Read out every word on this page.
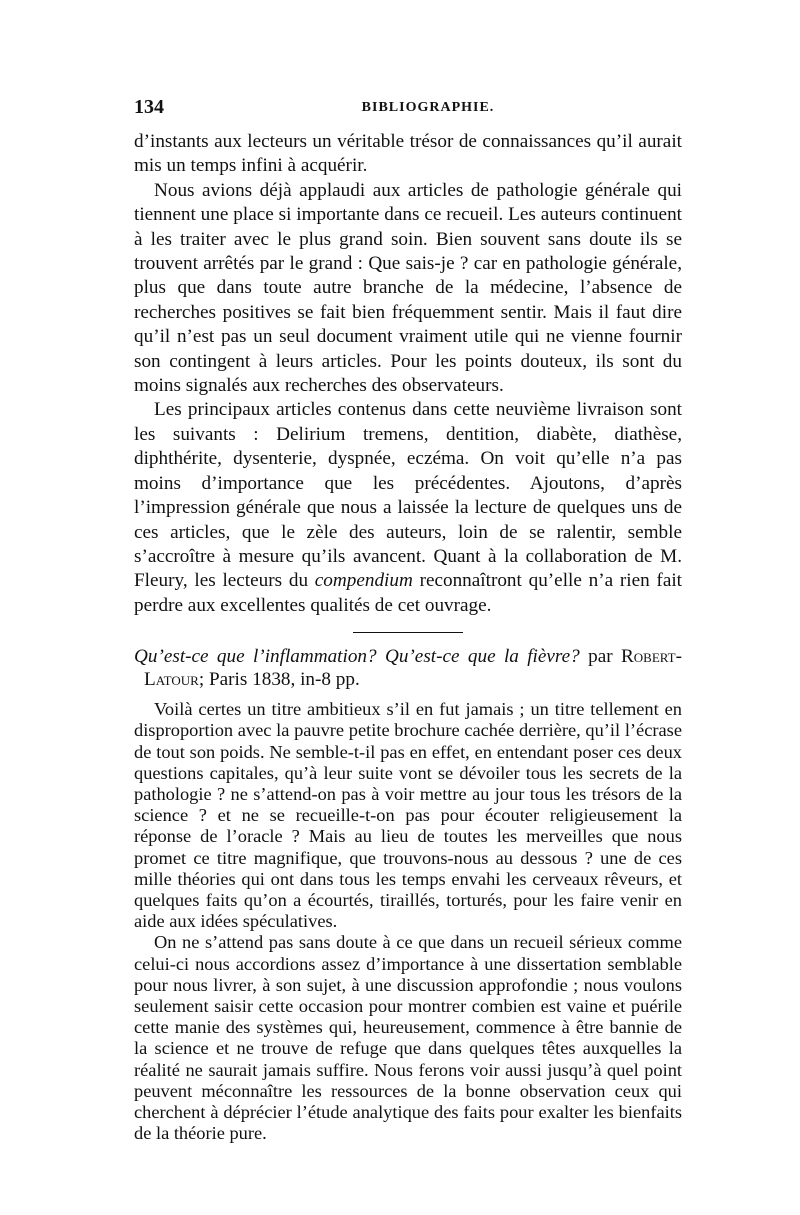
134	BIBLIOGRAPHIE.

d’instants aux lecteurs un véritable trésor de connaissances qu’il aurait mis un temps infini à acquérir.

Nous avions déjà applaudi aux articles de pathologie générale qui tiennent une place si importante dans ce recueil. Les auteurs continuent à les traiter avec le plus grand soin. Bien souvent sans doute ils se trouvent arrêtés par le grand : Que sais-je ? car en pathologie générale, plus que dans toute autre branche de la médecine, l’absence de recherches positives se fait bien fréquemment sentir. Mais il faut dire qu’il n’est pas un seul document vraiment utile qui ne vienne fournir son contingent à leurs articles. Pour les points douteux, ils sont du moins signalés aux recherches des observateurs.

Les principaux articles contenus dans cette neuvième livraison sont les suivants : Delirium tremens, dentition, diabète, diathèse, diphthérite, dysenterie, dyspnée, eczéma. On voit qu’elle n’a pas moins d’importance que les précédentes. Ajoutons, d’après l’impression générale que nous a laissée la lecture de quelques uns de ces articles, que le zèle des auteurs, loin de se ralentir, semble s’accroître à mesure qu’ils avancent. Quant à la collaboration de M. Fleury, les lecteurs du compendium reconnaîtront qu’elle n’a rien fait perdre aux excellentes qualités de cet ouvrage.

Qu’est-ce que l’inflammation? Qu’est-ce que la fièvre? par Robert-Latour; Paris 1838, in-8 pp.

Voilà certes un titre ambitieux s’il en fut jamais ; un titre tellement en disproportion avec la pauvre petite brochure cachée derrière, qu’il l’écrase de tout son poids. Ne semble-t-il pas en effet, en entendant poser ces deux questions capitales, qu’à leur suite vont se dévoiler tous les secrets de la pathologie ? ne s’attend-on pas à voir mettre au jour tous les trésors de la science ? et ne se recueille-t-on pas pour écouter religieusement la réponse de l’oracle ? Mais au lieu de toutes les merveilles que nous promet ce titre magnifique, que trouvons-nous au dessous ? une de ces mille théories qui ont dans tous les temps envahi les cerveaux rêveurs, et quelques faits qu’on a écourtés, tiraillés, torturés, pour les faire venir en aide aux idées spéculatives.

On ne s’attend pas sans doute à ce que dans un recueil sérieux comme celui-ci nous accordions assez d’importance à une dissertation semblable pour nous livrer, à son sujet, à une discussion approfondie ; nous voulons seulement saisir cette occasion pour montrer combien est vaine et puérile cette manie des systèmes qui, heureusement, commence à être bannie de la science et ne trouve de refuge que dans quelques têtes auxquelles la réalité ne saurait jamais suffire. Nous ferons voir aussi jusqu’à quel point peuvent méconnaître les ressources de la bonne observation ceux qui cherchent à déprécier l’étude analytique des faits pour exalter les bienfaits de la théorie pure.
